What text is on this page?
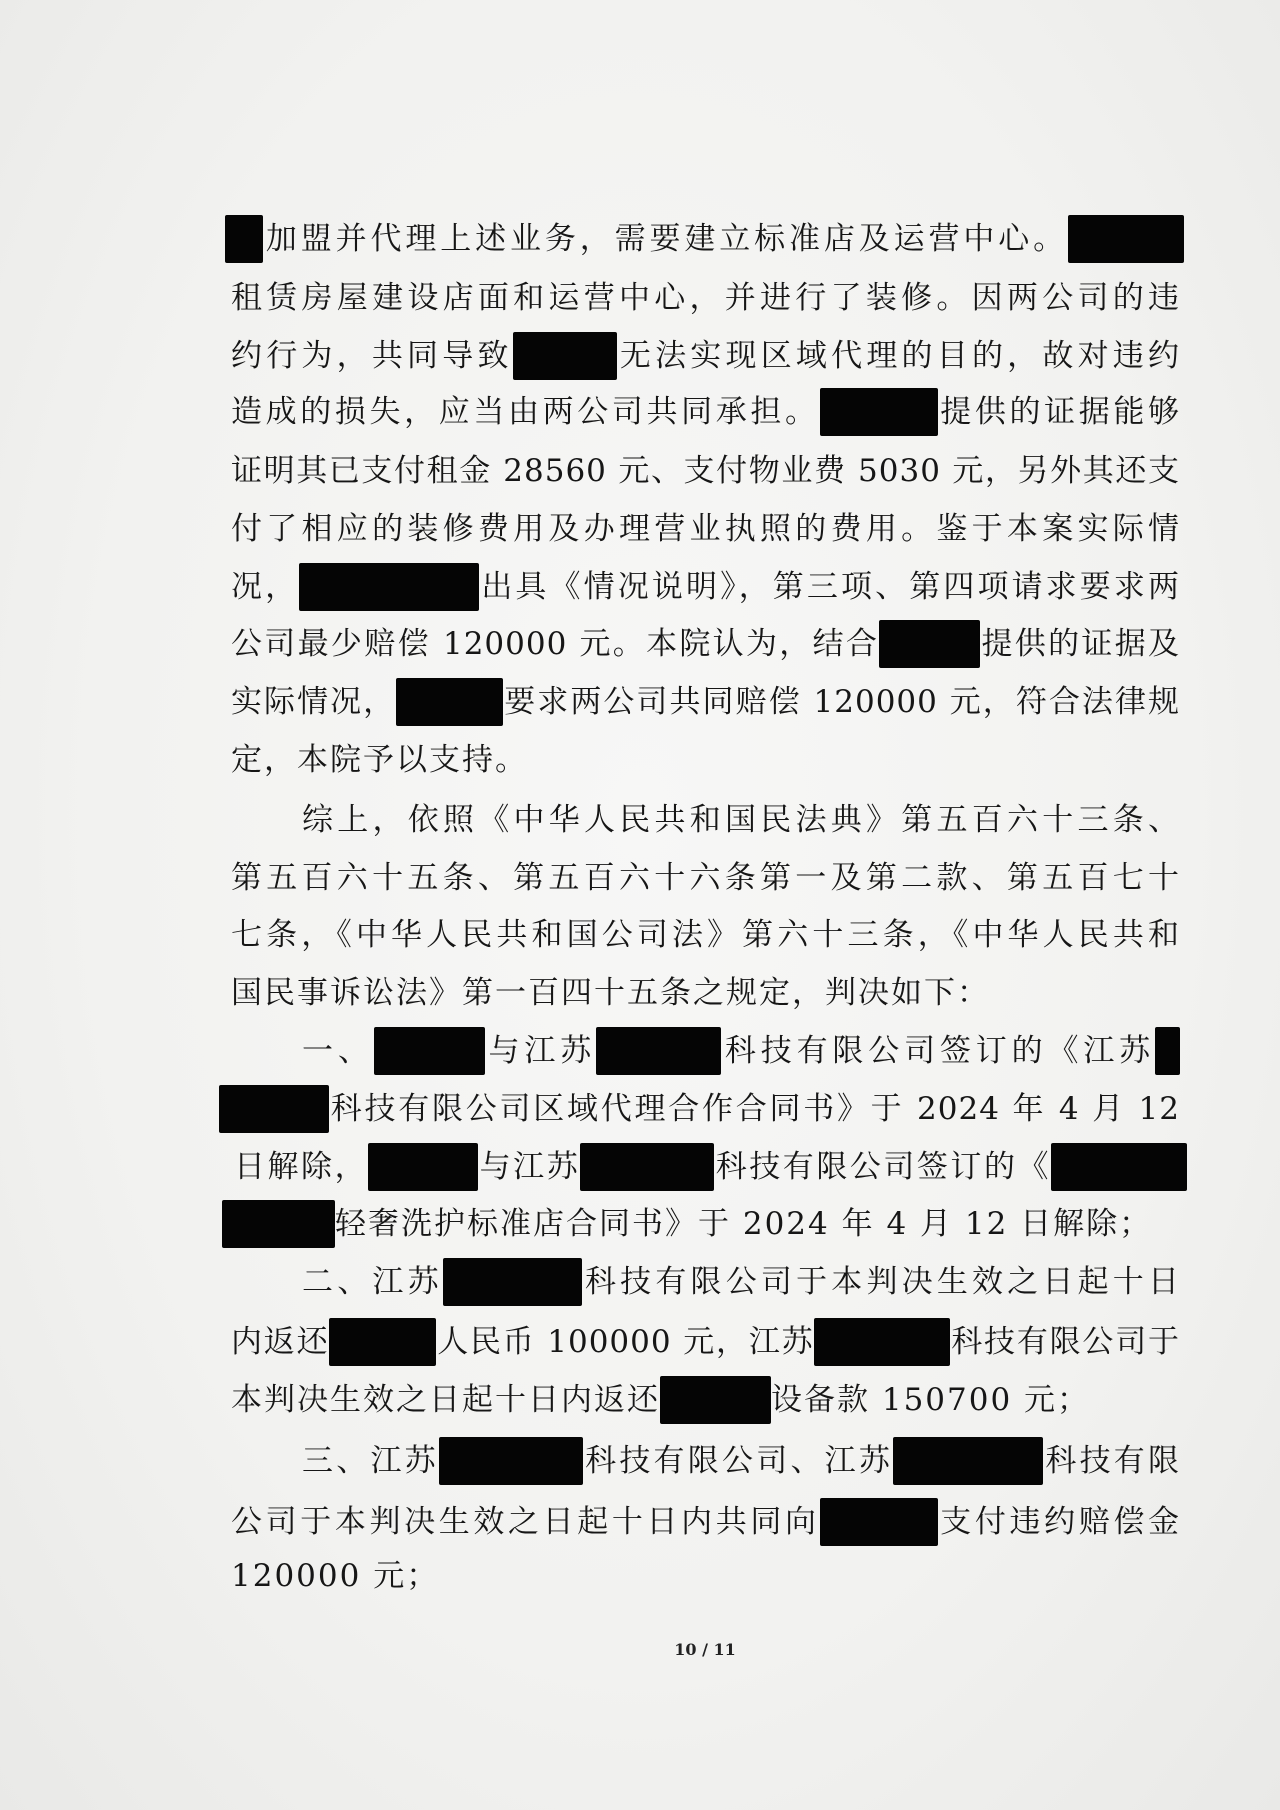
加盟并代理上述业务，需要建立标准店及运营中心。
租赁房屋建设店面和运营中心，并进行了装修。因两公司的违
约行为，共同导致	无法实现区域代理的目的，故对违约
造成的损失，应当由两公司共同承担。	提供的证据能够
证明其已支付租金 28560 元、支付物业费 5030 元，另外其还支
付了相应的装修费用及办理营业执照的费用。鉴于本案实际情
况，	出具《情况说明》，第三项、第四项请求要求两
公司最少赔偿 120000 元。本院认为，结合	提供的证据及
实际情况，	要求两公司共同赔偿 120000 元，符合法律规
定，本院予以支持。
综上，依照《中华人民共和国民法典》第五百六十三条、
第五百六十五条、第五百六十六条第一及第二款、第五百七十
七条，《中华人民共和国公司法》第六十三条，《中华人民共和
国民事诉讼法》第一百四十五条之规定，判决如下：
一、	与江苏	科技有限公司签订的《江苏
科技有限公司区域代理合作合同书》于 2024 年 4 月 12
日解除，	与江苏	科技有限公司签订的《
轻奢洗护标准店合同书》于 2024 年 4 月 12 日解除；
二、江苏	科技有限公司于本判决生效之日起十日
内返还	人民币 100000 元，江苏	科技有限公司于
本判决生效之日起十日内返还	设备款 150700 元；
三、江苏	科技有限公司、江苏	科技有限
公司于本判决生效之日起十日内共同向	支付违约赔偿金
120000 元；
10 / 11
